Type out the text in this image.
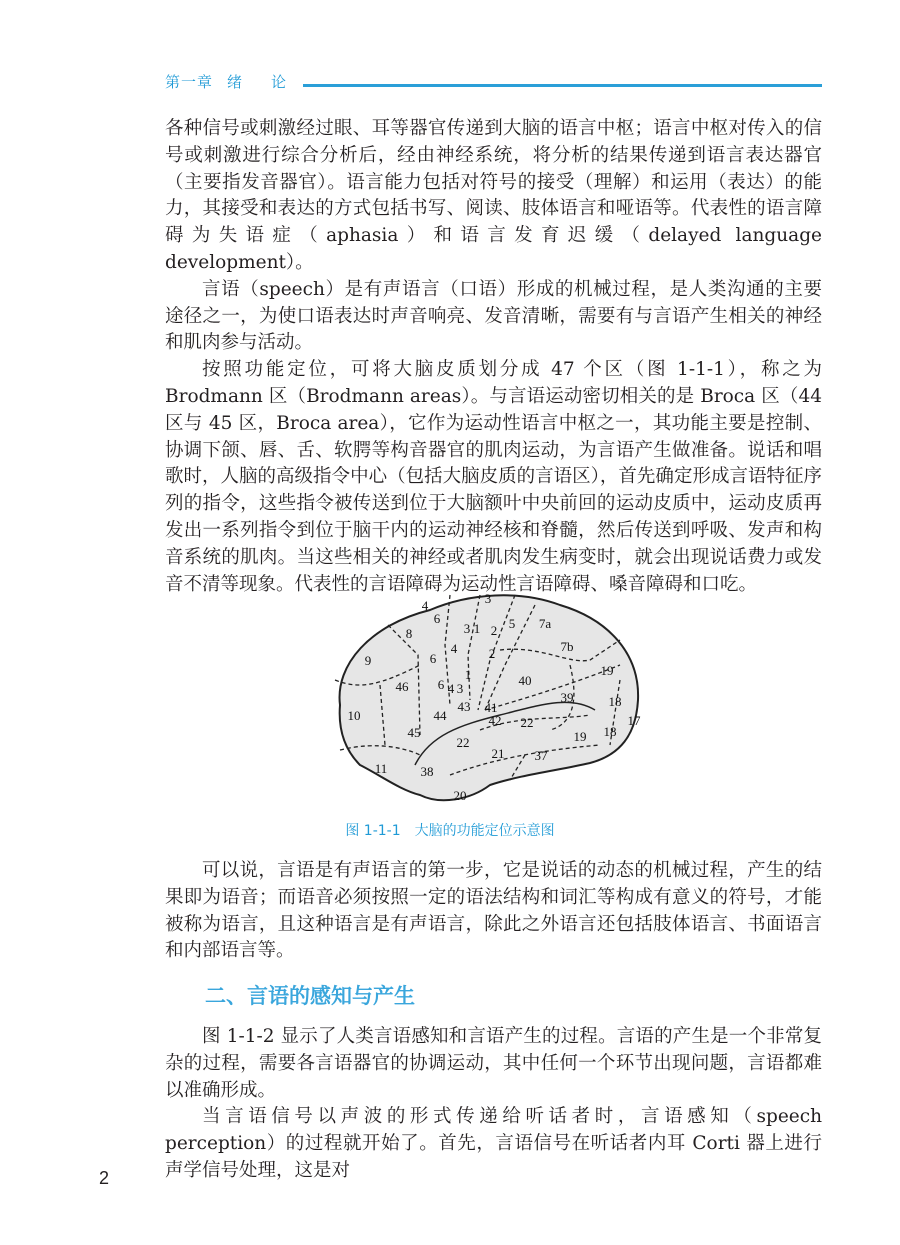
第一章 绪 论

各种信号或刺激经过眼、耳等器官传递到大脑的语言中枢；语言中枢对传入的信号或刺激进行综合分析后，经由神经系统，将分析的结果传递到语言表达器官（主要指发音器官）。语言能力包括对符号的接受（理解）和运用（表达）的能力，其接受和表达的方式包括书写、阅读、肢体语言和哑语等。代表性的语言障碍为失语症（aphasia）和语言发育迟缓（delayed language development）。

言语（speech）是有声语言（口语）形成的机械过程，是人类沟通的主要途径之一，为使口语表达时声音响亮、发音清晰，需要有与言语产生相关的神经和肌肉参与活动。

按照功能定位，可将大脑皮质划分成 47 个区（图 1-1-1），称之为 Brodmann 区（Brodmann areas）。与言语运动密切相关的是 Broca 区（44 区与 45 区，Broca area），它作为运动性语言中枢之一，其功能主要是控制、协调下颌、唇、舌、软腭等构音器官的肌肉运动，为言语产生做准备。说话和唱歌时，人脑的高级指令中心（包括大脑皮质的言语区），首先确定形成言语特征序列的指令，这些指令被传送到位于大脑额叶中央前回的运动皮质中，运动皮质再发出一系列指令到位于脑干内的运动神经核和脊髓，然后传送到呼吸、发声和构音系统的肌肉。当这些相关的神经或者肌肉发生病变时，就会出现说话费力或发音不清等现象。代表性的言语障碍为运动性言语障碍、嗓音障碍和口吃。

4	3
6
3 1 2 5 7a
8
7b
4 2
6
9
19
1	40
46 6 4 3
39	18
43 41
10	44	42 22	17
18
19
45
22
21 37
11	38
20
图 1-1-1　大脑的功能定位示意图

可以说，言语是有声语言的第一步，它是说话的动态的机械过程，产生的结果即为语音；而语音必须按照一定的语法结构和词汇等构成有意义的符号，才能被称为语言，且这种语言是有声语言，除此之外语言还包括肢体语言、书面语言和内部语言等。

二、言语的感知与产生

图 1-1-2 显示了人类言语感知和言语产生的过程。言语的产生是一个非常复杂的过程，需要各言语器官的协调运动，其中任何一个环节出现问题，言语都难以准确形成。

当言语信号以声波的形式传递给听话者时，言语感知（speech perception）的过程就开始了。首先，言语信号在听话者内耳 Corti 器上进行声学信号处理，这是对

2
